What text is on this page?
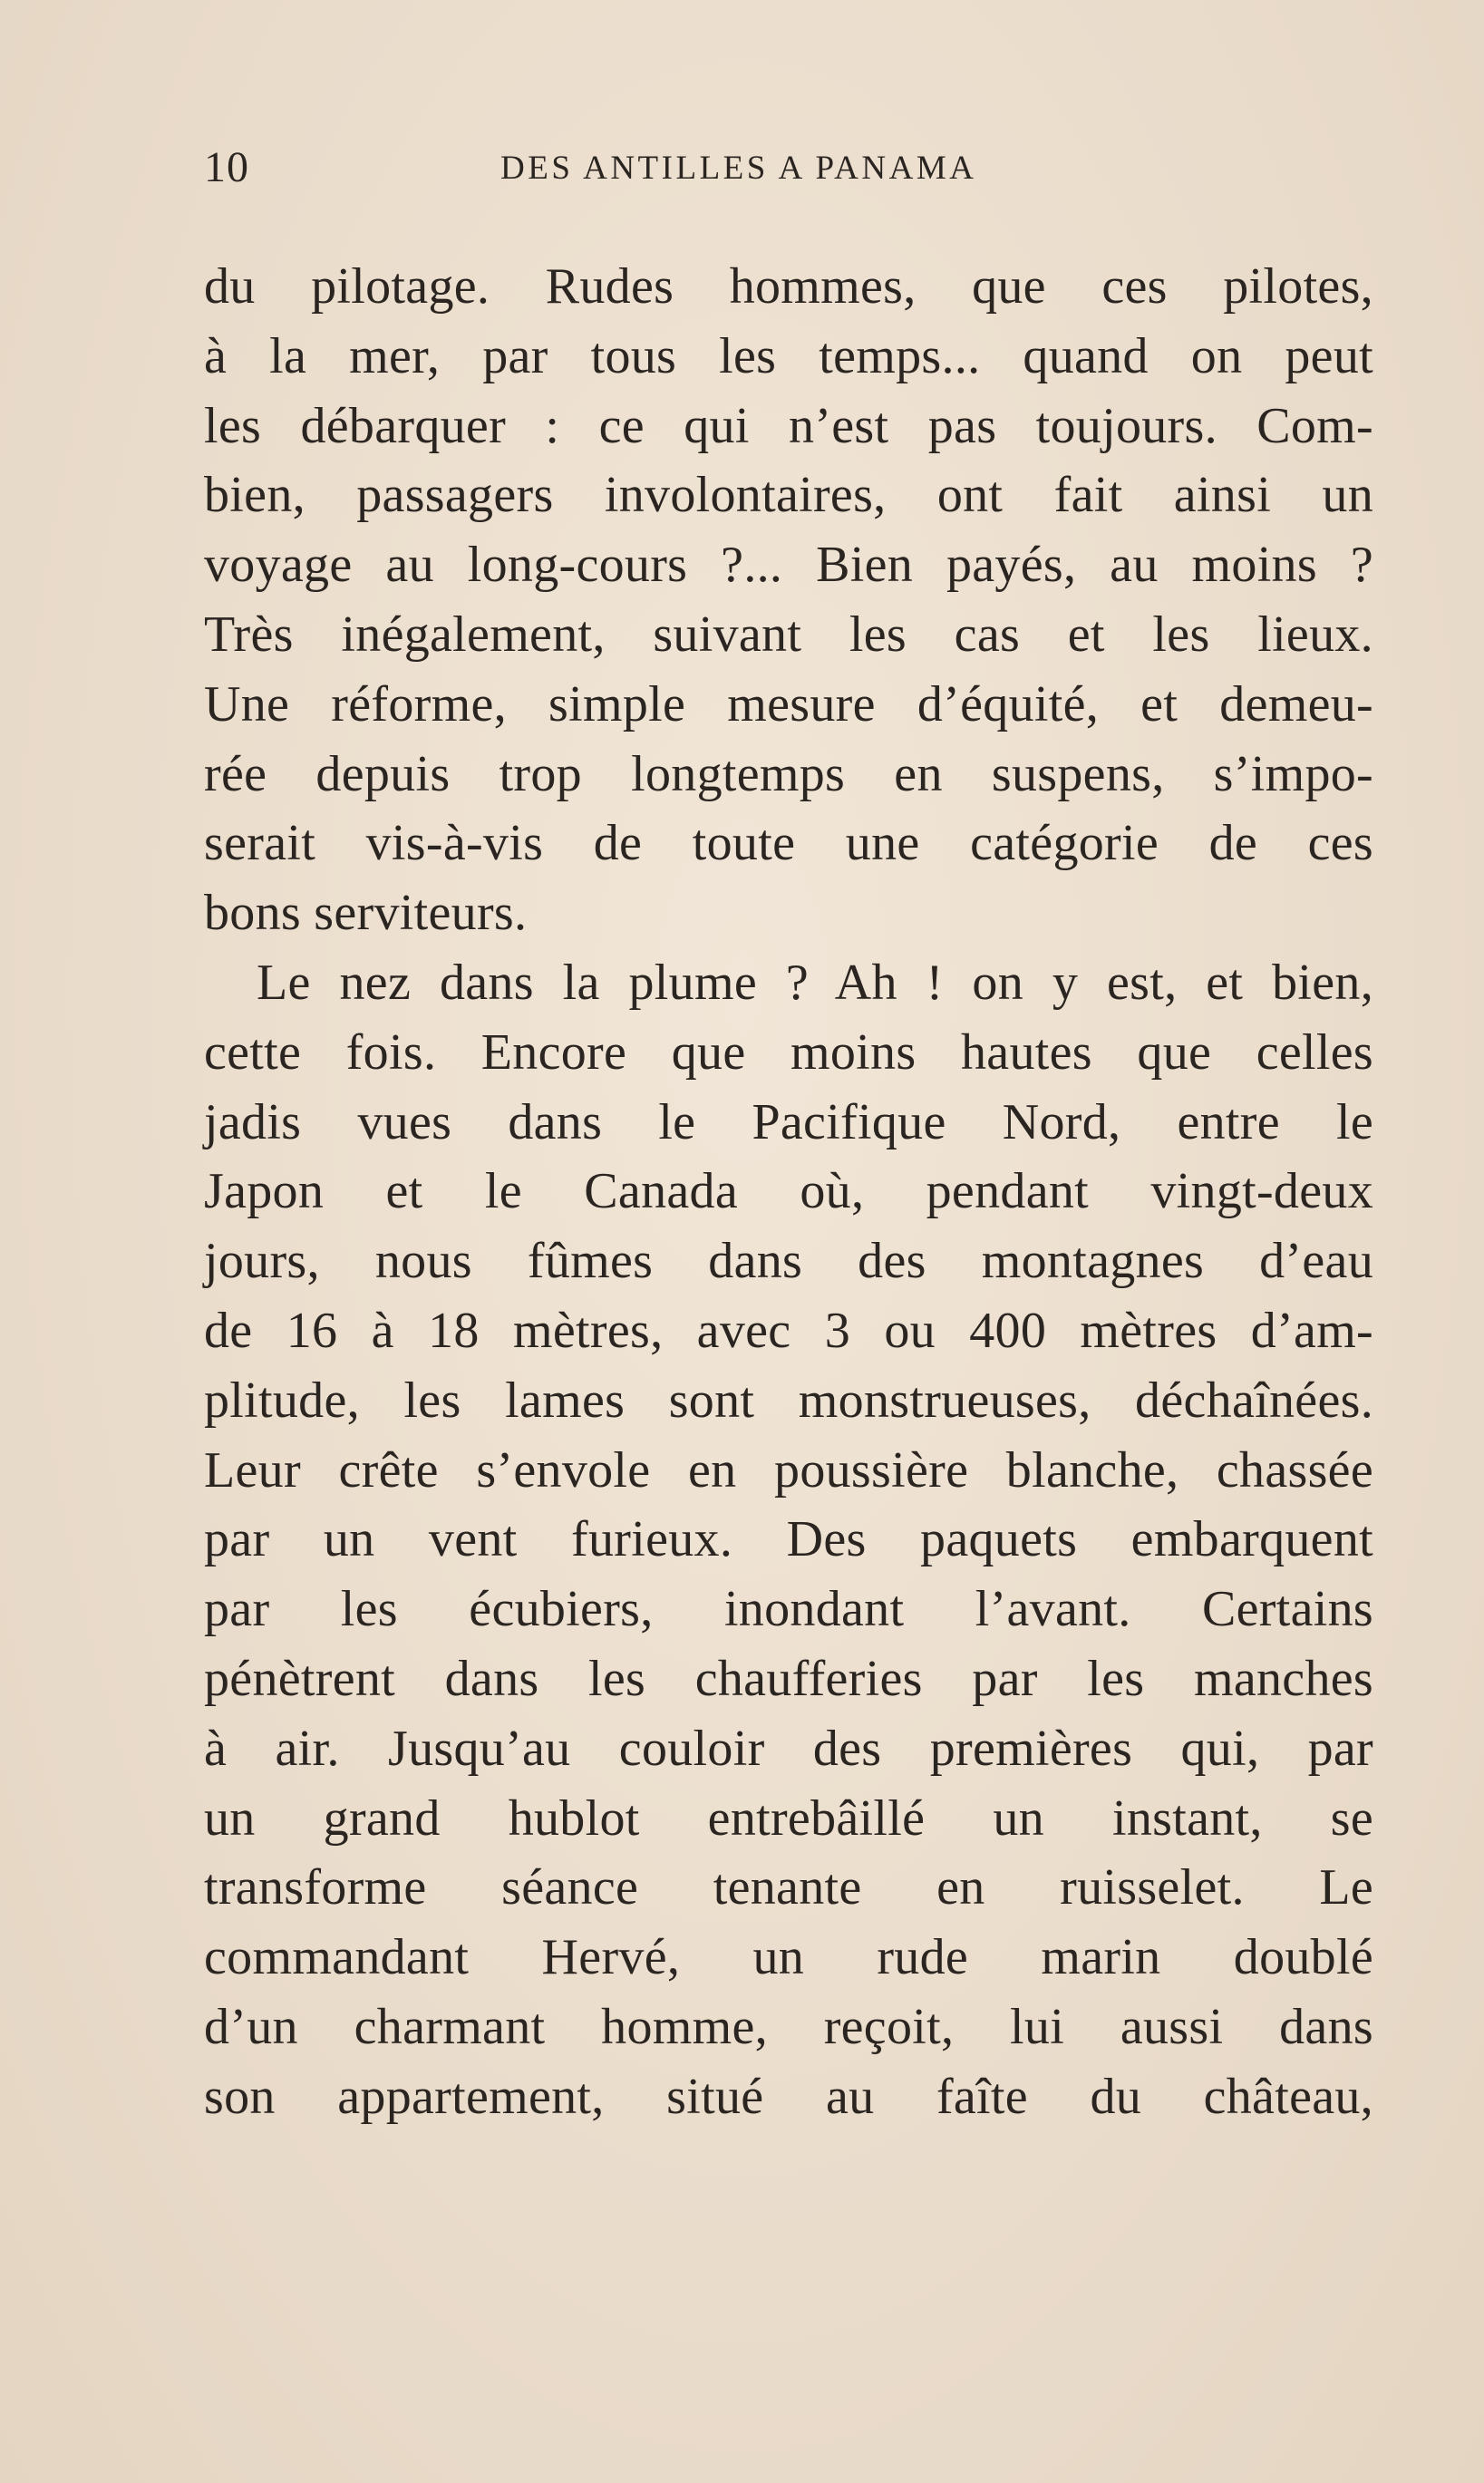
10	DES ANTILLES A PANAMA
du pilotage. Rudes hommes, que ces pilotes,
à la mer, par tous les temps... quand on peut
les débarquer : ce qui n’est pas toujours. Com-
bien, passagers involontaires, ont fait ainsi un
voyage au long-cours ?... Bien payés, au moins ?
Très inégalement, suivant les cas et les lieux.
Une réforme, simple mesure d’équité, et demeu-
rée depuis trop longtemps en suspens, s’impo-
serait vis-à-vis de toute une catégorie de ces
bons serviteurs.
Le nez dans la plume ? Ah ! on y est, et bien,
cette fois. Encore que moins hautes que celles
jadis vues dans le Pacifique Nord, entre le
Japon et le Canada où, pendant vingt-deux
jours, nous fûmes dans des montagnes d’eau
de 16 à 18 mètres, avec 3 ou 400 mètres d’am-
plitude, les lames sont monstrueuses, déchaînées.
Leur crête s’envole en poussière blanche, chassée
par un vent furieux. Des paquets embarquent
par les écubiers, inondant l’avant. Certains
pénètrent dans les chaufferies par les manches
à air. Jusqu’au couloir des premières qui, par
un grand hublot entrebâillé un instant, se
transforme séance tenante en ruisselet. Le
commandant Hervé, un rude marin doublé
d’un charmant homme, reçoit, lui aussi dans
son appartement, situé au faîte du château,
